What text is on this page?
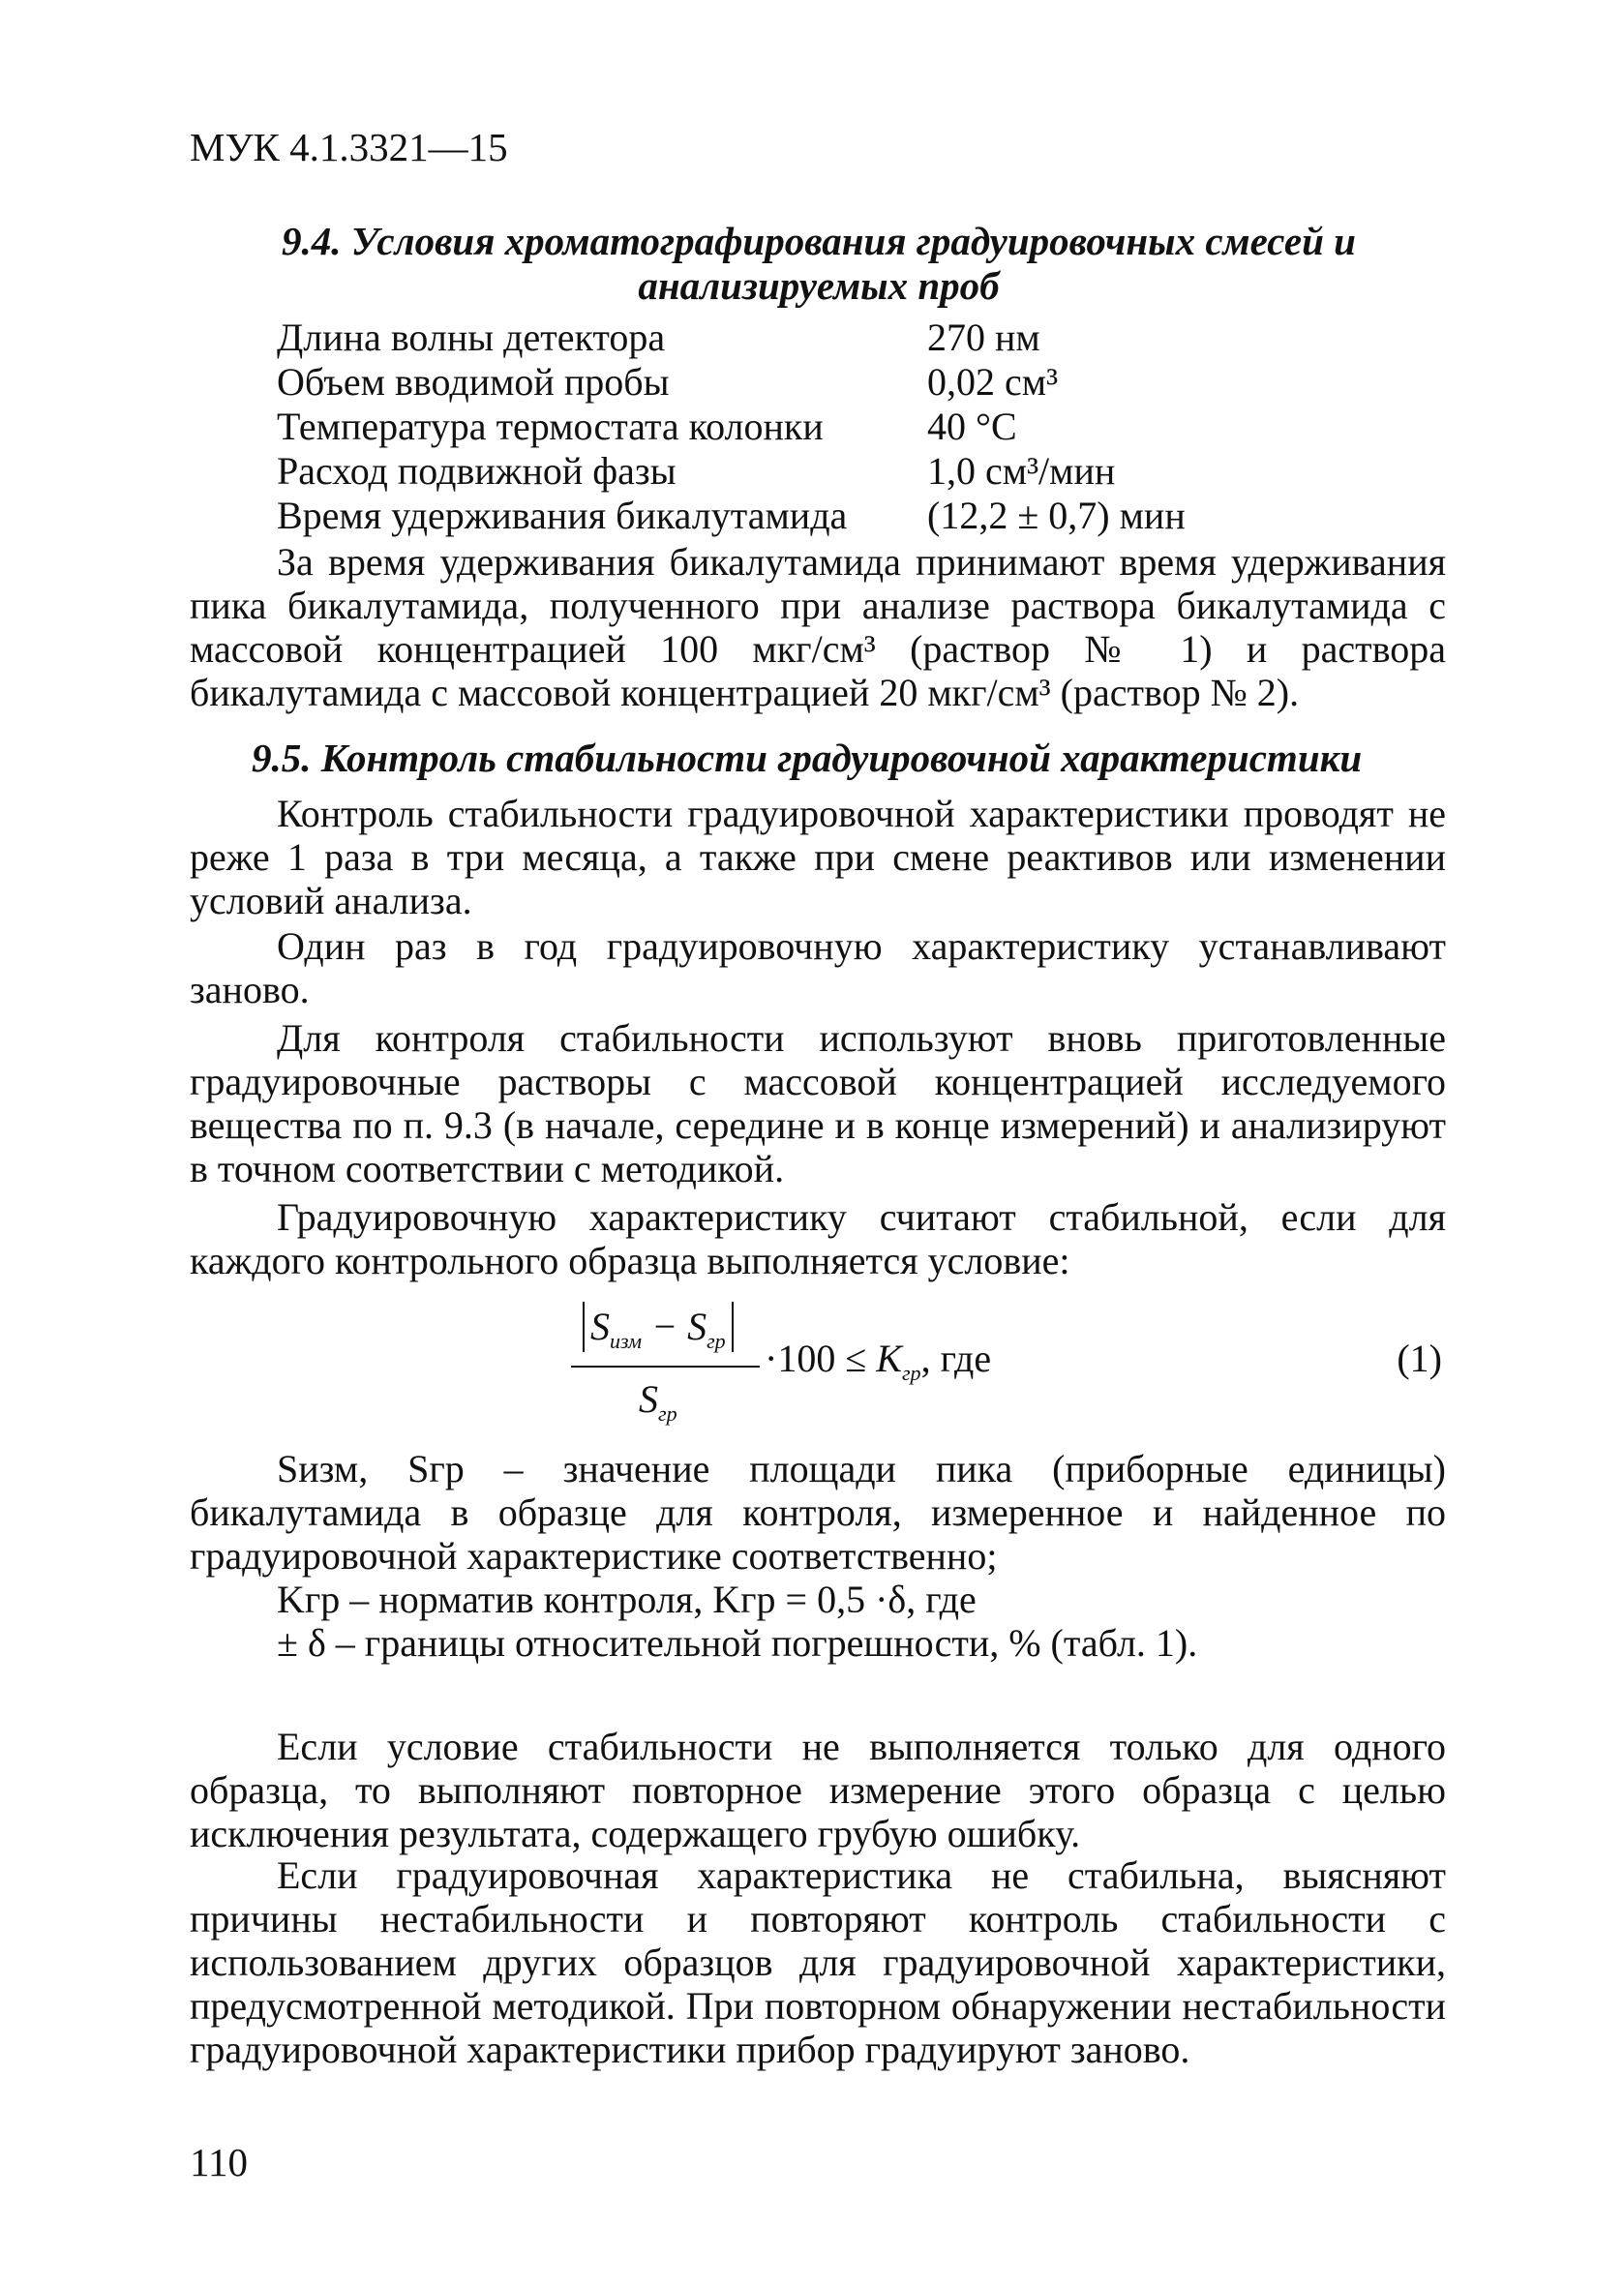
МУК 4.1.3321—15
9.4. Условия хроматографирования градуировочных смесей и
анализируемых проб
Длина волны детектора	270 нм
Объем вводимой пробы	0,02 см³
Температура термостата колонки	40 °С
Расход подвижной фазы	1,0 см³/мин
Время удерживания бикалутамида	(12,2 ± 0,7) мин

За время удерживания бикалутамида принимают время удерживания пика бикалутамида, полученного при анализе раствора бикалутамида с массовой концентрацией 100 мкг/см³ (раствор № 1) и раствора бикалутамида с массовой концентрацией 20 мкг/см³ (раствор № 2).

9.5. Контроль стабильности градуировочной характеристики

Контроль стабильности градуировочной характеристики проводят не реже 1 раза в три месяца, а также при смене реактивов или изменении условий анализа.

Один раз в год градуировочную характеристику устанавливают заново.

Для контроля стабильности используют вновь приготовленные градуировочные растворы с массовой концентрацией исследуемого вещества по п. 9.3 (в начале, середине и в конце измерений) и анализируют в точном соответствии с методикой.

Градуировочную характеристику считают стабильной, если для каждого контрольного образца выполняется условие:

$S_{изм} - S_{гр}$
$S_{гр}$
$\cdot 100 \le K_{гр}$, где	(1)

Sизм, Sгр – значение площади пика (приборные единицы) бикалутамида в образце для контроля, измеренное и найденное по градуировочной характеристике соответственно;

Kгр – норматив контроля, Kгр = 0,5 ·δ, где

± δ – границы относительной погрешности, % (табл. 1).

Если условие стабильности не выполняется только для одного образца, то выполняют повторное измерение этого образца с целью исключения результата, содержащего грубую ошибку.

Если градуировочная характеристика не стабильна, выясняют причины нестабильности и повторяют контроль стабильности с использованием других образцов для градуировочной характеристики, предусмотренной методикой. При повторном обнаружении нестабильности градуировочной характеристики прибор градуируют заново.

110
